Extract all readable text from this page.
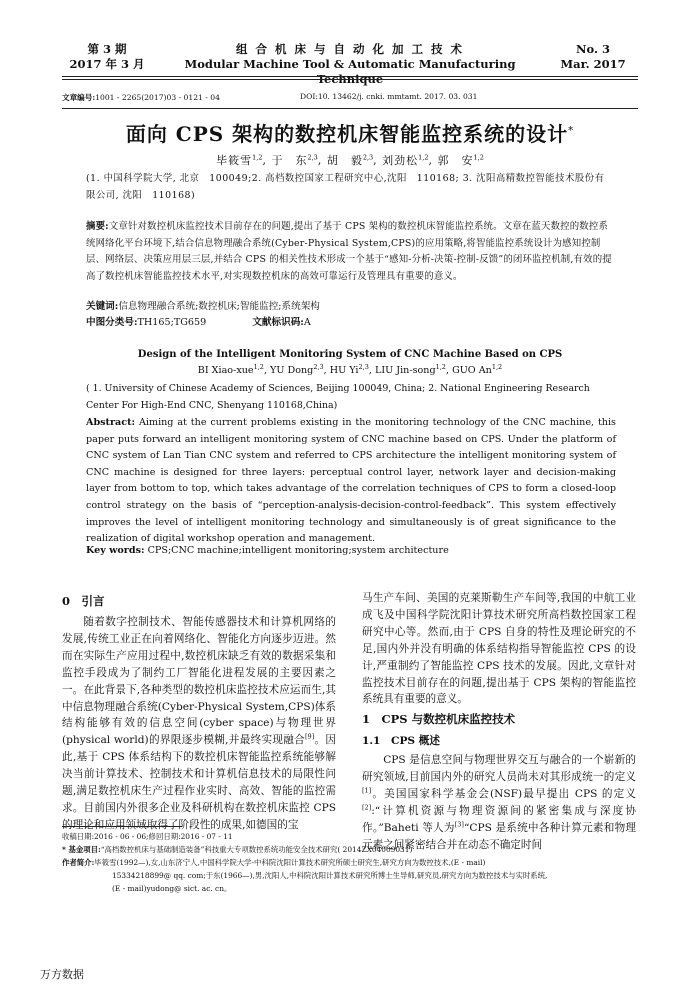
第 3 期
2017 年 3 月
组 合 机 床 与 自 动 化 加 工 技 术
Modular Machine Tool & Automatic Manufacturing Technique
No. 3
Mar. 2017
文章编号:1001 - 2265(2017)03 - 0121 - 04	DOI:10. 13462/j. cnki. mmtamt. 2017. 03. 031
面向 CPS 架构的数控机床智能监控系统的设计*
毕筱雪$^{1,2}$, 于　东$^{2,3}$, 胡　毅$^{2,3}$, 刘劲松$^{1,2}$, 郭　安$^{1,2}$
(1. 中国科学院大学, 北京　100049;2. 高档数控国家工程研究中心,沈阳　110168; 3. 沈阳高精数控智能技术股份有限公司, 沈阳　110168)
摘要:文章针对数控机床监控技术目前存在的问题,提出了基于 CPS 架构的数控机床智能监控系统。文章在蓝天数控的数控系统网络化平台环境下,结合信息物理融合系统(Cyber-Physical System,CPS)的应用策略,将智能监控系统设计为感知控制层、网络层、决策应用层三层,并结合 CPS 的相关性技术形成一个基于“感知-分析-决策-控制-反馈”的闭环监控机制,有效的提高了数控机床智能监控技术水平,对实现数控机床的高效可靠运行及管理具有重要的意义。
关键词:信息物理融合系统;数控机床;智能监控;系统架构
中图分类号:TH165;TG659	文献标识码:A
Design of the Intelligent Monitoring System of CNC Machine Based on CPS
BI Xiao-xue$^{1,2}$, YU Dong$^{2,3}$, HU Yi$^{2,3}$, LIU Jin-song$^{1,2}$, GUO An$^{1,2}$
( 1. University of Chinese Academy of Sciences, Beijing 100049, China; 2. National Engineering Research Center For High-End CNC, Shenyang 110168,China)
Abstract: Aiming at the current problems existing in the monitoring technology of the CNC machine, this paper puts forward an intelligent monitoring system of CNC machine based on CPS. Under the platform of CNC system of Lan Tian CNC system and referred to CPS architecture the intelligent monitoring system of CNC machine is designed for three layers: perceptual control layer, network layer and decision-making layer from bottom to top, which takes advantage of the correlation techniques of CPS to form a closed-loop control strategy on the basis of “perception-analysis-decision-control-feedback”. This system effectively improves the level of intelligent monitoring technology and simultaneously is of great significance to the realization of digital workshop operation and management.
Key words: CPS;CNC machine;intelligent monitoring;system architecture
0　引言

随着数字控制技术、智能传感器技术和计算机网络的发展,传统工业正在向着网络化、智能化方向逐步迈进。然而在实际生产应用过程中,数控机床缺乏有效的数据采集和监控手段成为了制约工厂智能化进程发展的主要因素之一。在此背景下,各种类型的数控机床监控技术应运而生,其中信息物理融合系统(Cyber-Physical System,CPS)体系结构能够有效的信息空间(cyber space)与物理世界(physical world)的界限逐步模糊,并最终实现融合[9]。因此,基于 CPS 体系结构下的数控机床智能监控系统能够解决当前计算技术、控制技术和计算机信息技术的局限性问题,满足数控机床生产过程作业实时、高效、智能的监控需求。目前国内外很多企业及科研机构在数控机床监控 CPS 的理论和应用领域取得了阶段性的成果,如德国的宝

马生产车间、美国的克莱斯勒生产车间等,我国的中航工业成飞及中国科学院沈阳计算技术研究所高档数控国家工程研究中心等。然而,由于 CPS 自身的特性及理论研究的不足,国内外并没有明确的体系结构指导智能监控 CPS 的设计,严重制约了智能监控 CPS 技术的发展。因此,文章针对监控技术目前存在的问题,提出基于 CPS 架构的智能监控系统具有重要的意义。

1　CPS 与数控机床监控技术
1.1　CPS 概述

CPS 是信息空间与物理世界交互与融合的一个崭新的研究领域,目前国内外的研究人员尚未对其形成统一的定义[1]。美国国家科学基金会(NSF)最早提出 CPS 的定义[2]:“计算机资源与物理资源间的紧密集成与深度协作。”Baheti 等人为[3]“CPS 是系统中各种计算元素和物理元素之间紧密结合并在动态不确定时间

收稿日期:2016 - 06 - 06;修回日期:2016 - 07 - 11
* 基金项目:“高档数控机床与基础制造装备”科技重大专项数控系统功能安全技术研究( 2014ZX04009031)
作者简介:毕筱雪(1992—),女,山东济宁人,中国科学院大学-中科院沈阳计算技术研究所硕士研究生,研究方向为数控技术,(E - mail)
15334218899@ qq. com;于东(1966—),男,沈阳人,中科院沈阳计算技术研究所博士生导师,研究员,研究方向为数控技术与实时系统,
(E - mail)yudong@ sict. ac. cn。
万方数据
